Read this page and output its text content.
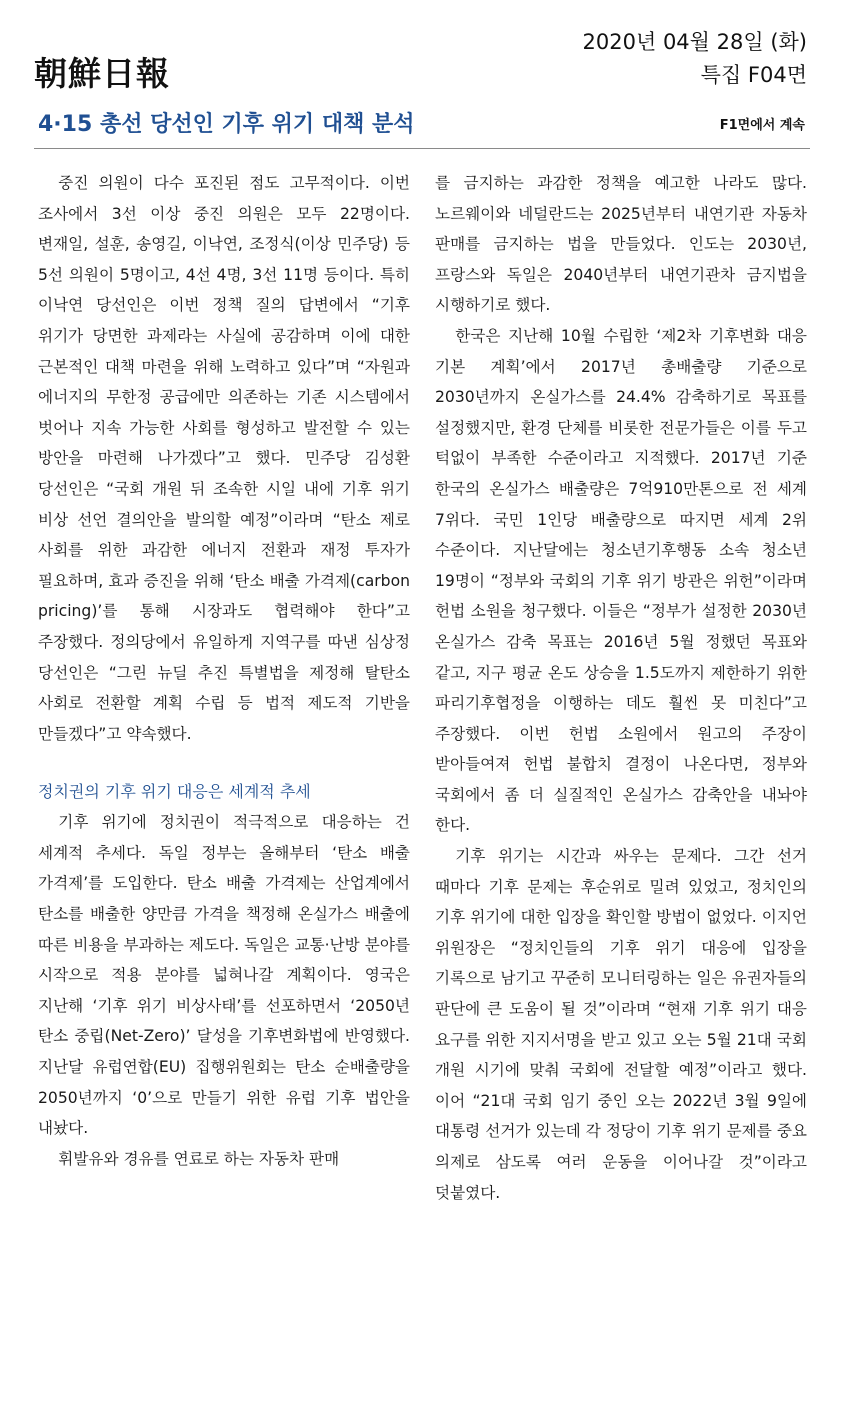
朝鮮日報
2020년 04월 28일 (화)
특집 F04면
4·15 총선 당선인 기후 위기 대책 분석	F1면에서 계속

중진 의원이 다수 포진된 점도 고무적이다. 이번 조사에서 3선 이상 중진 의원은 모두 22명이다. 변재일, 설훈, 송영길, 이낙연, 조정식(이상 민주당) 등 5선 의원이 5명이고, 4선 4명, 3선 11명 등이다. 특히 이낙연 당선인은 이번 정책 질의 답변에서 “기후 위기가 당면한 과제라는 사실에 공감하며 이에 대한 근본적인 대책 마련을 위해 노력하고 있다”며 “자원과 에너지의 무한정 공급에만 의존하는 기존 시스템에서 벗어나 지속 가능한 사회를 형성하고 발전할 수 있는 방안을 마련해 나가겠다”고 했다. 민주당 김성환 당선인은 “국회 개원 뒤 조속한 시일 내에 기후 위기 비상 선언 결의안을 발의할 예정”이라며 “탄소 제로 사회를 위한 과감한 에너지 전환과 재정 투자가 필요하며, 효과 증진을 위해 ‘탄소 배출 가격제(carbon pricing)’를 통해 시장과도 협력해야 한다”고 주장했다. 정의당에서 유일하게 지역구를 따낸 심상정 당선인은 “그린 뉴딜 추진 특별법을 제정해 탈탄소 사회로 전환할 계획 수립 등 법적 제도적 기반을 만들겠다”고 약속했다.

정치권의 기후 위기 대응은 세계적 추세

기후 위기에 정치권이 적극적으로 대응하는 건 세계적 추세다. 독일 정부는 올해부터 ‘탄소 배출 가격제’를 도입한다. 탄소 배출 가격제는 산업계에서 탄소를 배출한 양만큼 가격을 책정해 온실가스 배출에 따른 비용을 부과하는 제도다. 독일은 교통·난방 분야를 시작으로 적용 분야를 넓혀나갈 계획이다. 영국은 지난해 ‘기후 위기 비상사태’를 선포하면서 ‘2050년 탄소 중립(Net-Zero)’ 달성을 기후변화법에 반영했다. 지난달 유럽연합(EU) 집행위원회는 탄소 순배출량을 2050년까지 ‘0’으로 만들기 위한 유럽 기후 법안을 내놨다.

휘발유와 경유를 연료로 하는 자동차 판매

를 금지하는 과감한 정책을 예고한 나라도 많다. 노르웨이와 네덜란드는 2025년부터 내연기관 자동차 판매를 금지하는 법을 만들었다. 인도는 2030년, 프랑스와 독일은 2040년부터 내연기관차 금지법을 시행하기로 했다.

한국은 지난해 10월 수립한 ‘제2차 기후변화 대응 기본 계획’에서 2017년 총배출량 기준으로 2030년까지 온실가스를 24.4% 감축하기로 목표를 설정했지만, 환경 단체를 비롯한 전문가들은 이를 두고 턱없이 부족한 수준이라고 지적했다. 2017년 기준 한국의 온실가스 배출량은 7억910만톤으로 전 세계 7위다. 국민 1인당 배출량으로 따지면 세계 2위 수준이다. 지난달에는 청소년기후행동 소속 청소년 19명이 “정부와 국회의 기후 위기 방관은 위헌”이라며 헌법 소원을 청구했다. 이들은 “정부가 설정한 2030년 온실가스 감축 목표는 2016년 5월 정했던 목표와 같고, 지구 평균 온도 상승을 1.5도까지 제한하기 위한 파리기후협정을 이행하는 데도 훨씬 못 미친다”고 주장했다. 이번 헌법 소원에서 원고의 주장이 받아들여져 헌법 불합치 결정이 나온다면, 정부와 국회에서 좀 더 실질적인 온실가스 감축안을 내놔야 한다.

기후 위기는 시간과 싸우는 문제다. 그간 선거 때마다 기후 문제는 후순위로 밀려 있었고, 정치인의 기후 위기에 대한 입장을 확인할 방법이 없었다. 이지언 위원장은 “정치인들의 기후 위기 대응에 입장을 기록으로 남기고 꾸준히 모니터링하는 일은 유권자들의 판단에 큰 도움이 될 것”이라며 “현재 기후 위기 대응 요구를 위한 지지서명을 받고 있고 오는 5월 21대 국회 개원 시기에 맞춰 국회에 전달할 예정”이라고 했다. 이어 “21대 국회 임기 중인 오는 2022년 3월 9일에 대통령 선거가 있는데 각 정당이 기후 위기 문제를 중요 의제로 삼도록 여러 운동을 이어나갈 것”이라고 덧붙였다.
